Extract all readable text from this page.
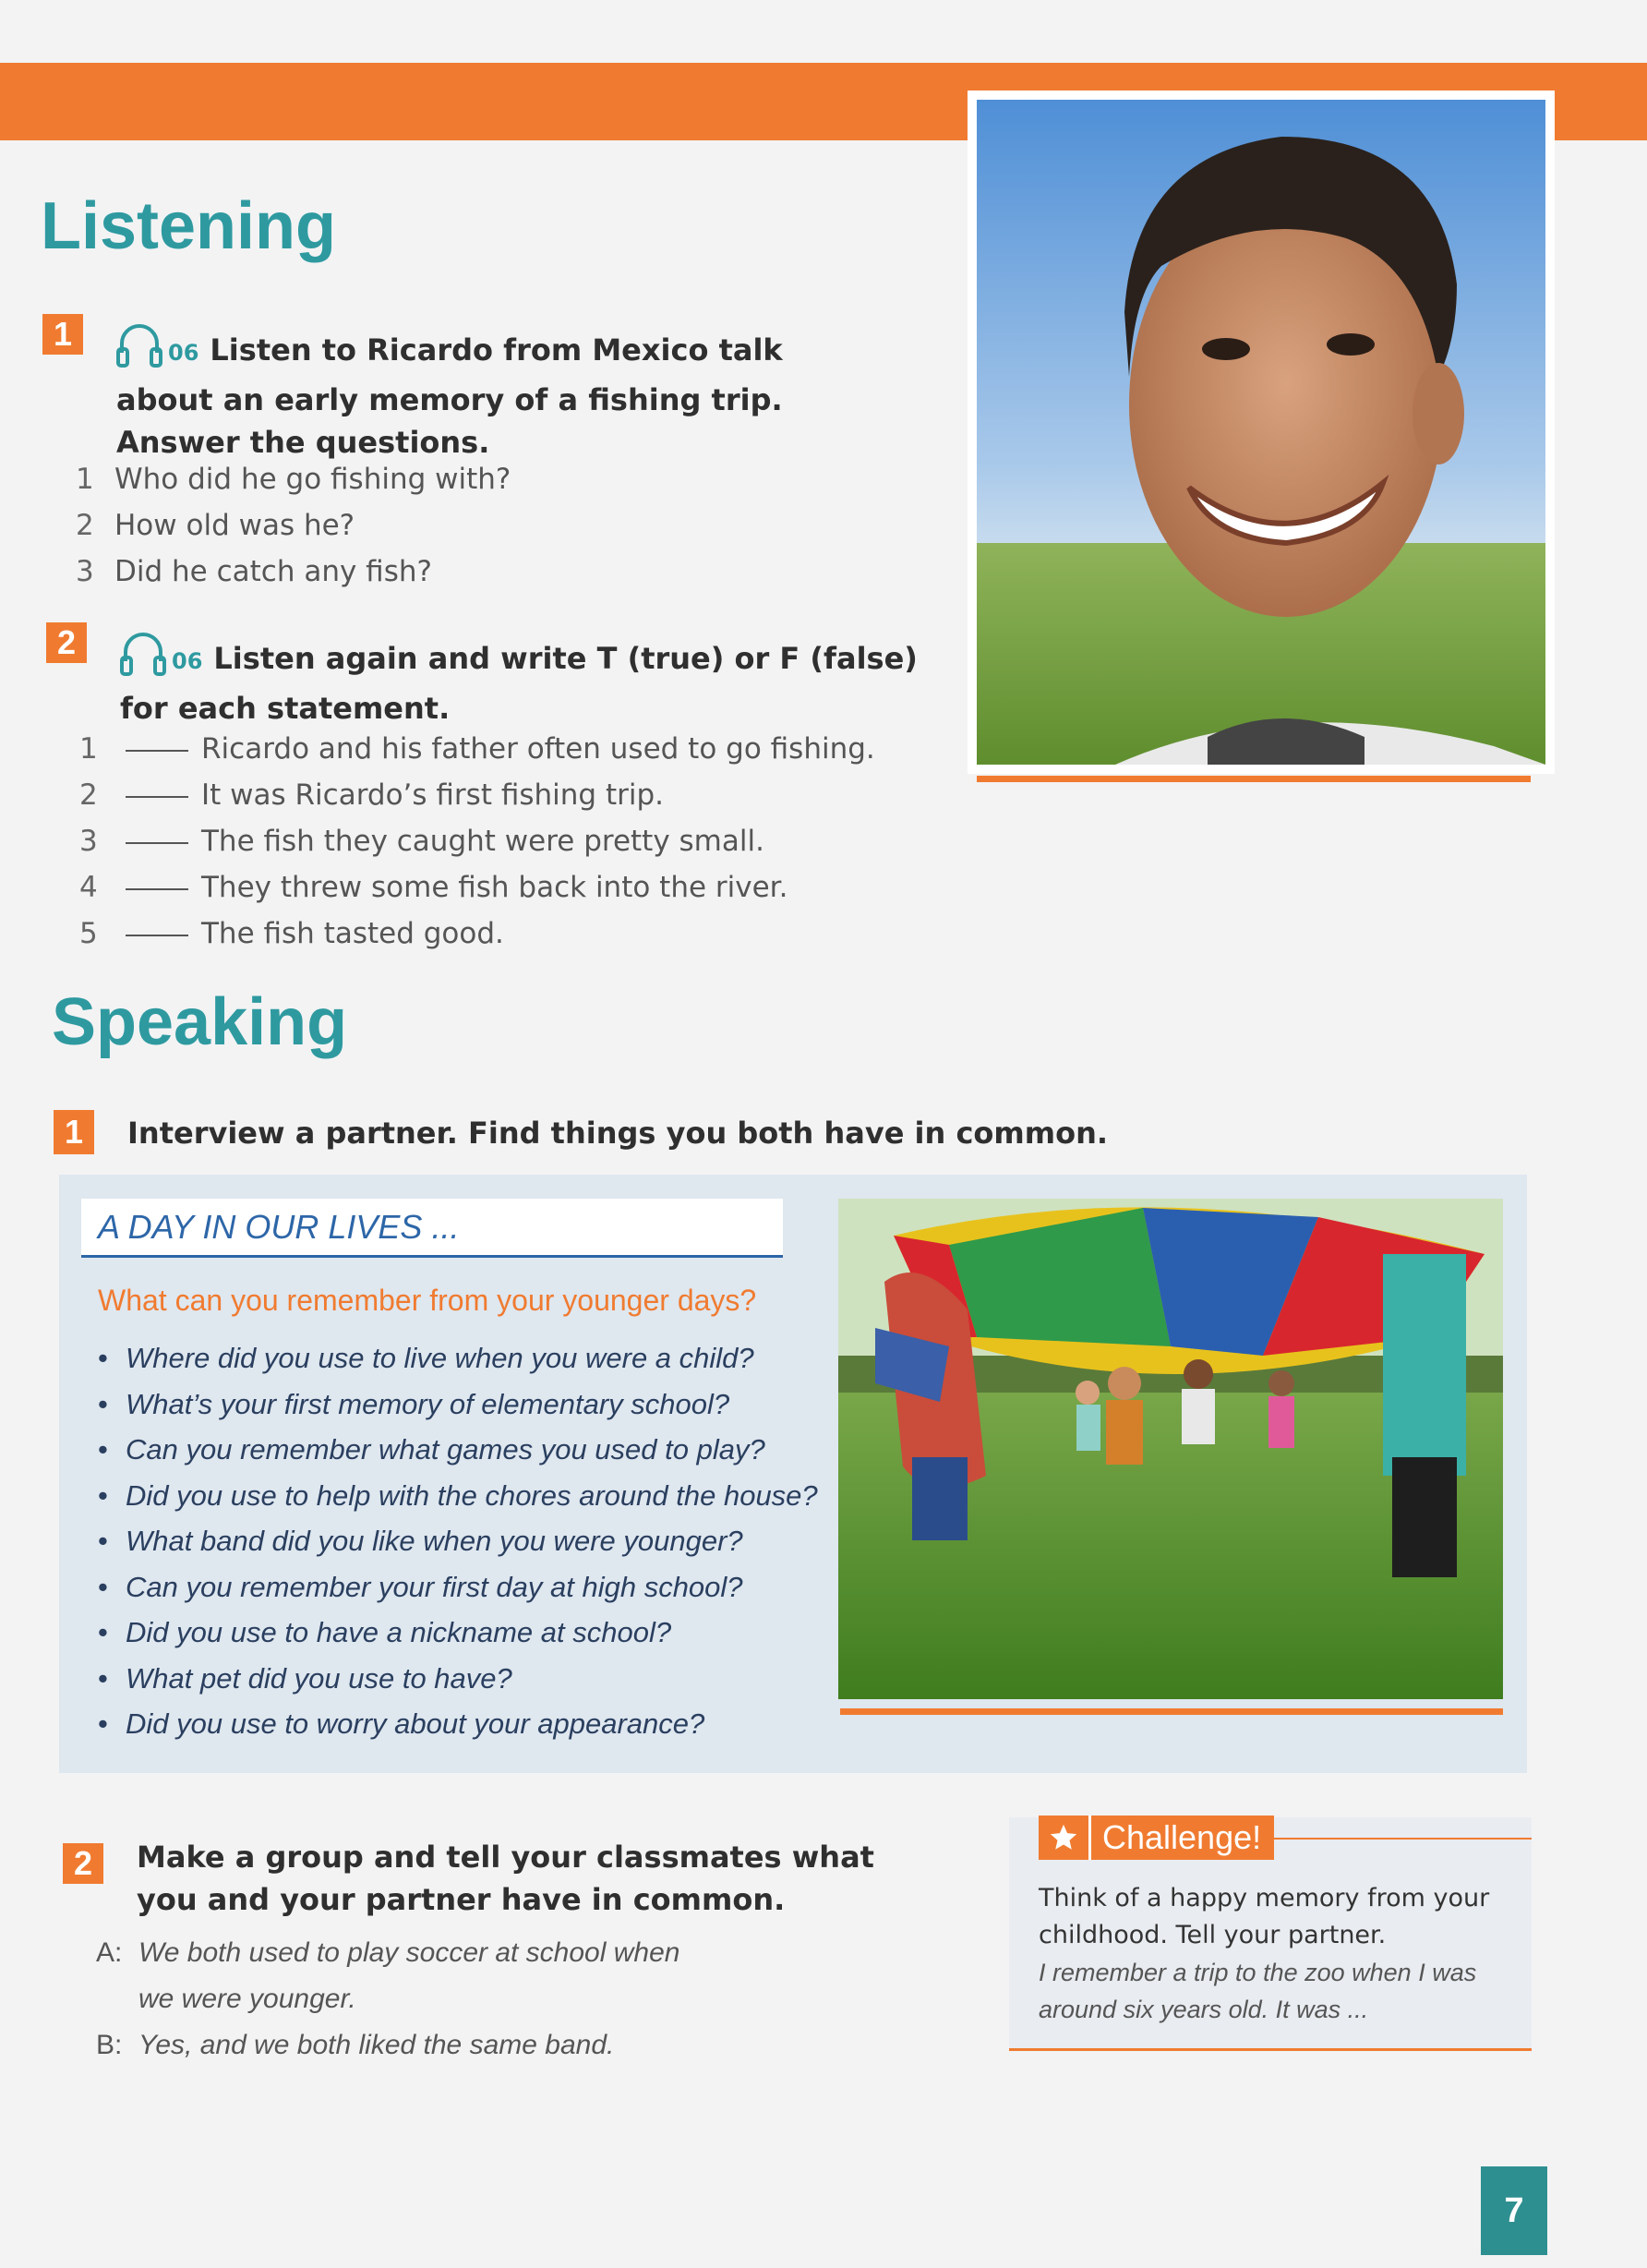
Listening
1	06 Listen to Ricardo from Mexico talk
about an early memory of a fishing trip.
Answer the questions.
1 Who did he go fishing with?
2 How old was he?
3 Did he catch any fish?
2	06 Listen again and write T (true) or F (false)
for each statement.
1	Ricardo and his father often used to go fishing.
2	It was Ricardo’s first fishing trip.
3	The fish they caught were pretty small.
4	They threw some fish back into the river.
5	The fish tasted good.
Speaking
1	Interview a partner. Find things you both have in common.
A DAY IN OUR LIVES ...
What can you remember from your younger days?
• Where did you use to live when you were a child?
• What’s your first memory of elementary school?
• Can you remember what games you used to play?
• Did you use to help with the chores around the house?
• What band did you like when you were younger?
• Can you remember your first day at high school?
• Did you use to have a nickname at school?
• What pet did you use to have?
• Did you use to worry about your appearance?
2	Make a group and tell your classmates what
you and your partner have in common.
A: We both used to play soccer at school when
we were younger.
B: Yes, and we both liked the same band.
Challenge!
Think of a happy memory from your
childhood. Tell your partner.
I remember a trip to the zoo when I was
around six years old. It was ...
7
